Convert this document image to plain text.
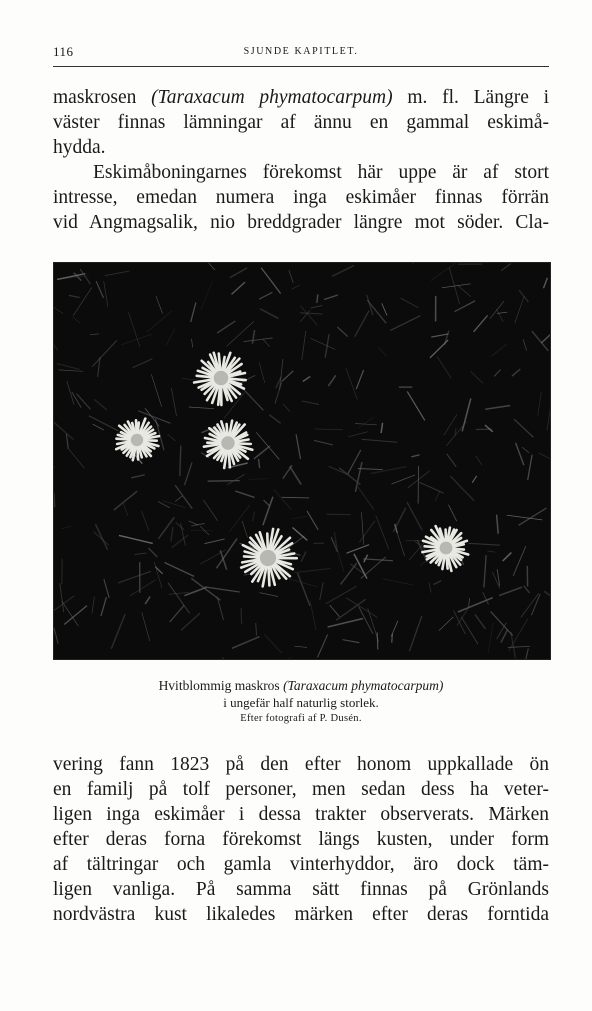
116	SJUNDE KAPITLET.
maskrosen (Taraxacum phymatocarpum) m. fl. Längre i
väster finnas lämningar af ännu en gammal eskimå-
hydda.
Eskimåboningarnes förekomst här uppe är af stort
intresse, emedan numera inga eskimåer finnas förrän
vid Angmagsalik, nio breddgrader längre mot söder. Cla-

Hvitblommig maskros (Taraxacum phymatocarpum)

i ungefär half naturlig storlek.

Efter fotografi af P. Dusén.

vering fann 1823 på den efter honom uppkallade ön
en familj på tolf personer, men sedan dess ha veter-
ligen inga eskimåer i dessa trakter observerats. Märken
efter deras forna förekomst längs kusten, under form
af tältringar och gamla vinterhyddor, äro dock täm-
ligen vanliga. På samma sätt finnas på Grönlands
nordvästra kust likaledes märken efter deras forntida
